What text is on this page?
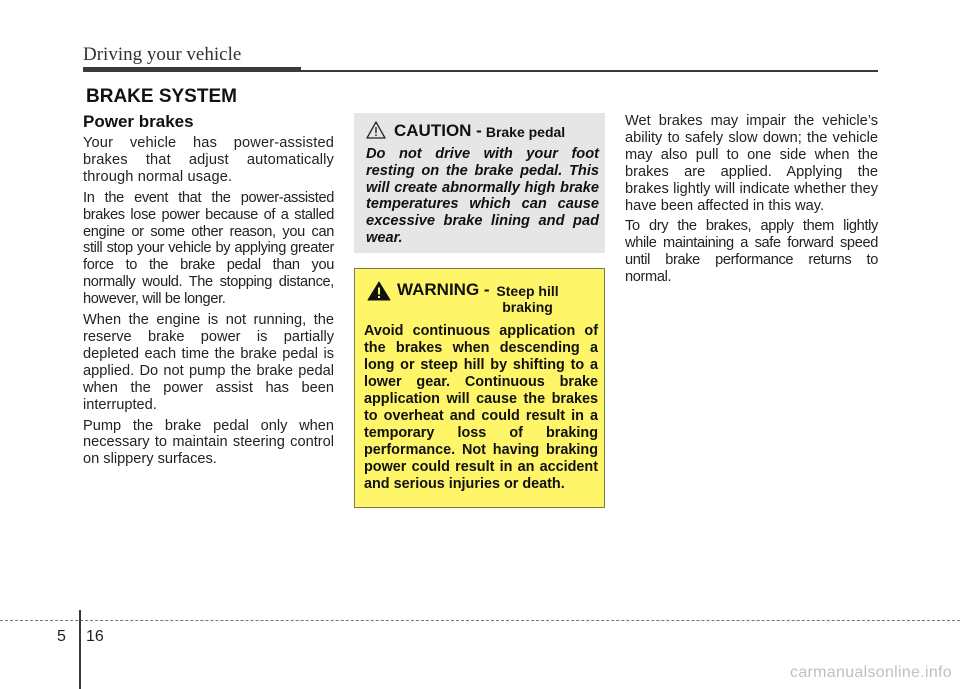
Driving your vehicle
BRAKE SYSTEM
Power brakes

Your vehicle has power-assisted brakes that adjust automatically through normal usage.

In the event that the power-assisted brakes lose power because of a stalled engine or some other reason, you can still stop your vehicle by applying greater force to the brake pedal than you normally would. The stopping distance, however, will be longer.

When the engine is not running, the reserve brake power is partially depleted each time the brake pedal is applied. Do not pump the brake pedal when the power assist has been interrupted.

Pump the brake pedal only when necessary to maintain steering control on slippery surfaces.

CAUTION - Brake pedal

Do not drive with your foot resting on the brake pedal. This will create abnormally high brake temperatures which can cause excessive brake lining and pad wear.

WARNING - Steep hill braking

Avoid continuous application of the brakes when descending a long or steep hill by shifting to a lower gear. Continuous brake application will cause the brakes to overheat and could result in a temporary loss of braking performance. Not having braking power could result in an accident and serious injuries or death.

Wet brakes may impair the vehicle’s ability to safely slow down; the vehicle may also pull to one side when the brakes are applied. Applying the brakes lightly will indicate whether they have been affected in this way.

To dry the brakes, apply them lightly while maintaining a safe forward speed until brake performance returns to normal.

5 16
carmanualsonline.info
